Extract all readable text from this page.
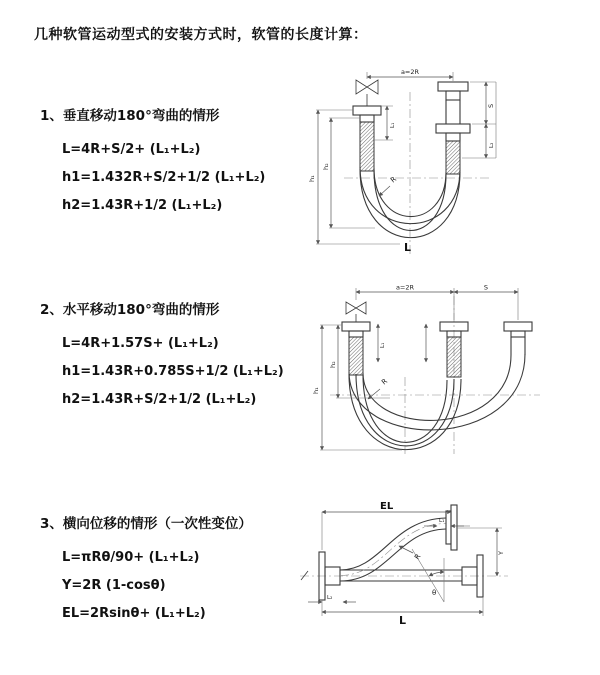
几种软管运动型式的安装方式时，软管的长度计算：
1、垂直移动180°弯曲的情形
L=4R+S/2+ (L₁+L₂)
h1=1.432R+S/2+1/2 (L₁+L₂)
h2=1.43R+1/2 (L₁+L₂)
a=2R
h₁
h₂
L₁
S
L₂
R
L
2、水平移动180°弯曲的情形
L=4R+1.57S+ (L₁+L₂)
h1=1.43R+0.785S+1/2 (L₁+L₂)
h2=1.43R+S/2+1/2 (L₁+L₂)
a=2R	S
h₁
h₂
L₁
R
3、横向位移的情形（一次性变位）
L=πRθ/90+ (L₁+L₂)
Y=2R (1-cosθ)
EL=2Rsinθ+ (L₁+L₂)
EL
L₁
Y
R
θ
L₂
L
